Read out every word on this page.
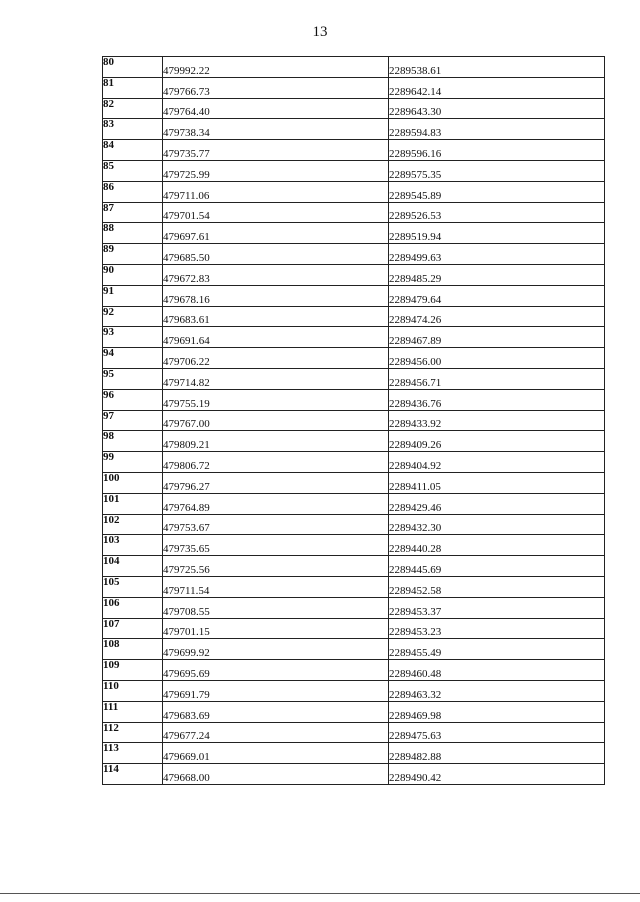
13
80	479992.22	2289538.61
81	479766.73	2289642.14
82	479764.40	2289643.30
83	479738.34	2289594.83
84	479735.77	2289596.16
85	479725.99	2289575.35
86	479711.06	2289545.89
87	479701.54	2289526.53
88	479697.61	2289519.94
89	479685.50	2289499.63
90	479672.83	2289485.29
91	479678.16	2289479.64
92	479683.61	2289474.26
93	479691.64	2289467.89
94	479706.22	2289456.00
95	479714.82	2289456.71
96	479755.19	2289436.76
97	479767.00	2289433.92
98	479809.21	2289409.26
99	479806.72	2289404.92
100	479796.27	2289411.05
101	479764.89	2289429.46
102	479753.67	2289432.30
103	479735.65	2289440.28
104	479725.56	2289445.69
105	479711.54	2289452.58
106	479708.55	2289453.37
107	479701.15	2289453.23
108	479699.92	2289455.49
109	479695.69	2289460.48
110	479691.79	2289463.32
111	479683.69	2289469.98
112	479677.24	2289475.63
113	479669.01	2289482.88
114	479668.00	2289490.42
